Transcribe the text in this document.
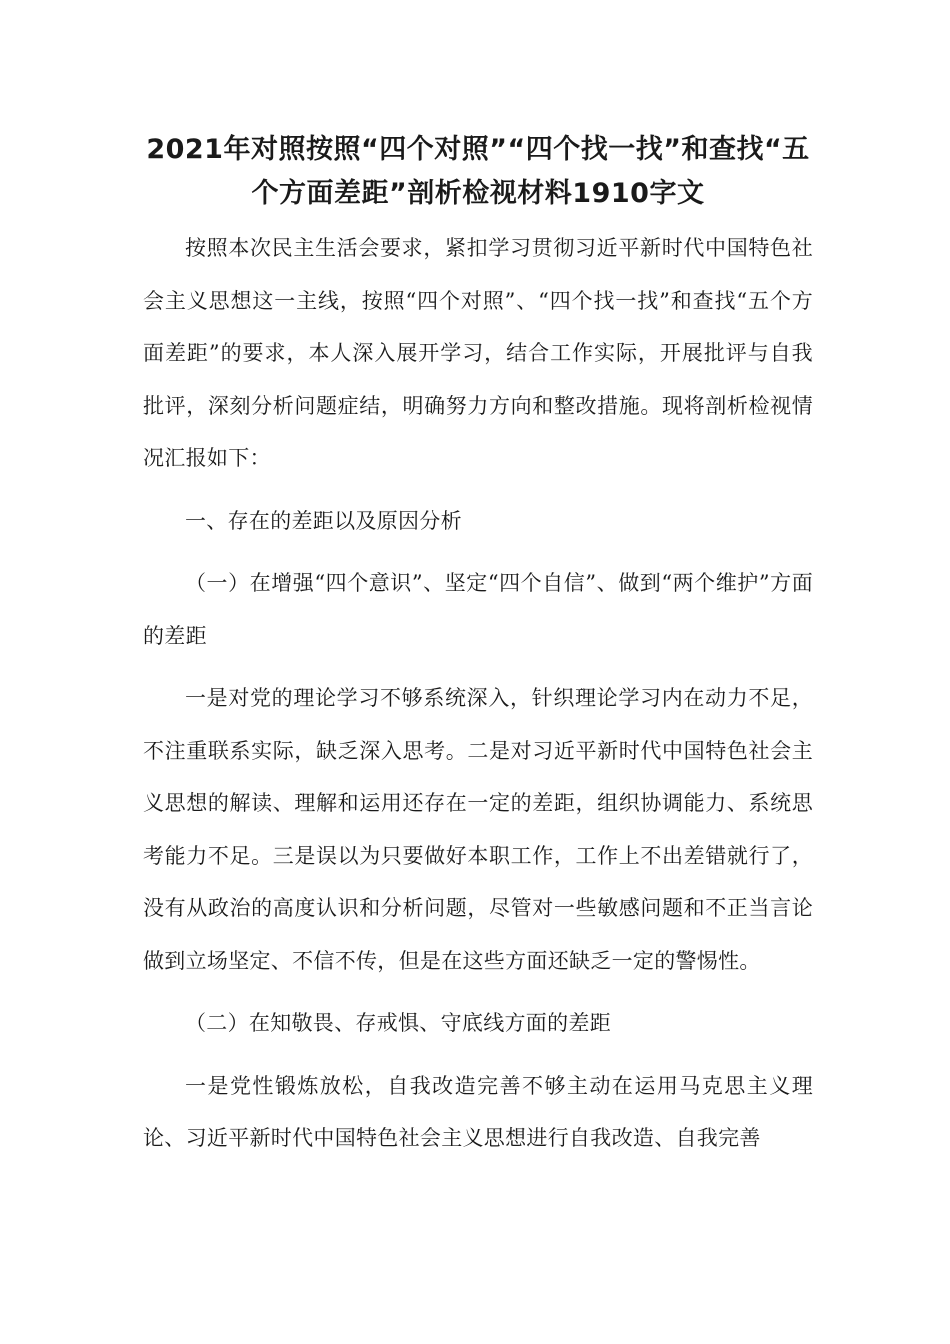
2021年对照按照“四个对照”“四个找一找”和查找“五个方面差距”剖析检视材料1910字文

按照本次民主生活会要求，紧扣学习贯彻习近平新时代中国特色社会主义思想这一主线，按照“四个对照”、“四个找一找”和查找“五个方面差距”的要求，本人深入展开学习，结合工作实际，开展批评与自我批评，深刻分析问题症结，明确努力方向和整改措施。现将剖析检视情况汇报如下：

一、存在的差距以及原因分析

（一）在增强“四个意识”、坚定“四个自信”、做到“两个维护”方面的差距

一是对党的理论学习不够系统深入，针织理论学习内在动力不足，不注重联系实际，缺乏深入思考。二是对习近平新时代中国特色社会主义思想的解读、理解和运用还存在一定的差距，组织协调能力、系统思考能力不足。三是误以为只要做好本职工作，工作上不出差错就行了，没有从政治的高度认识和分析问题，尽管对一些敏感问题和不正当言论做到立场坚定、不信不传，但是在这些方面还缺乏一定的警惕性。

（二）在知敬畏、存戒惧、守底线方面的差距

一是党性锻炼放松，自我改造完善不够主动在运用马克思主义理论、习近平新时代中国特色社会主义思想进行自我改造、自我完善
